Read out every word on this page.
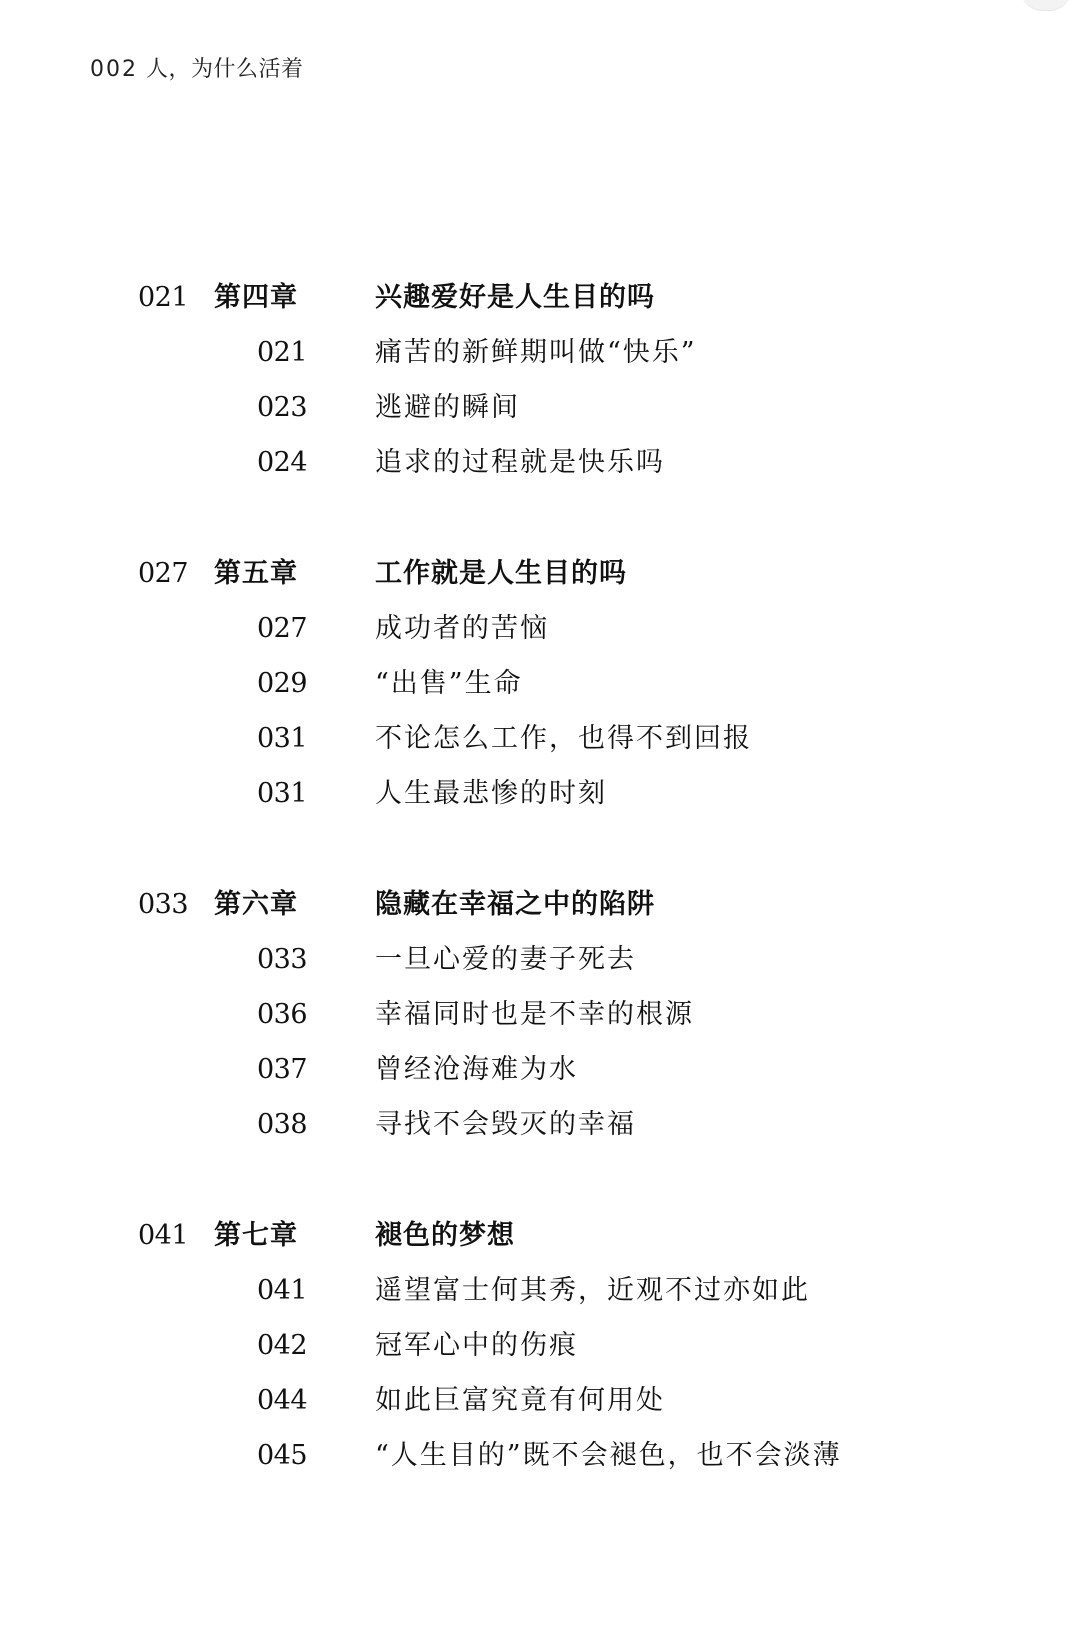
002 人，为什么活着
021 第四章	兴趣爱好是人生目的吗
021	痛苦的新鲜期叫做“快乐”
023	逃避的瞬间
024	追求的过程就是快乐吗
027 第五章	工作就是人生目的吗
027	成功者的苦恼
029	“出售”生命
031	不论怎么工作，也得不到回报
031	人生最悲惨的时刻
033 第六章	隐藏在幸福之中的陷阱
033	一旦心爱的妻子死去
036	幸福同时也是不幸的根源
037	曾经沧海难为水
038	寻找不会毁灭的幸福
041 第七章	褪色的梦想
041	遥望富士何其秀，近观不过亦如此
042	冠军心中的伤痕
044	如此巨富究竟有何用处
045	“人生目的”既不会褪色，也不会淡薄
